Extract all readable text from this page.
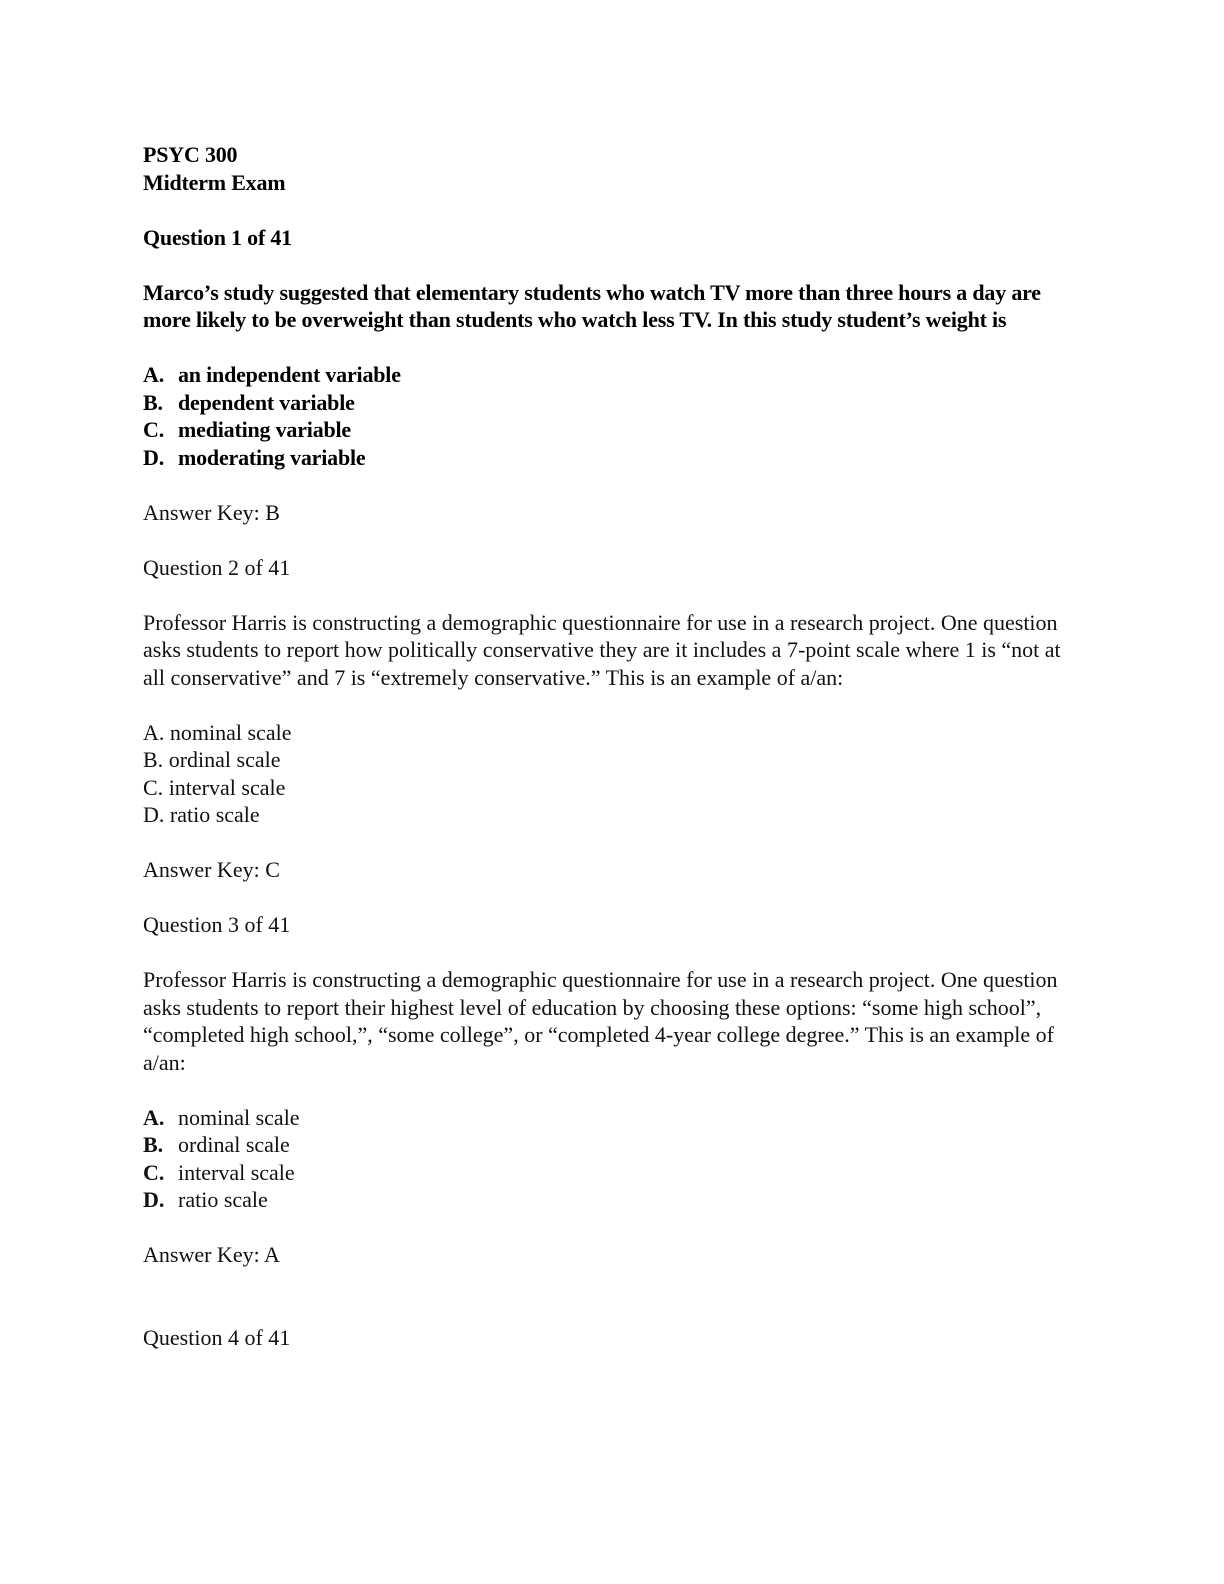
PSYC 300
Midterm Exam
Question 1 of 41
Marco’s study suggested that elementary students who watch TV more than three hours a day are more likely to be overweight than students who watch less TV. In this study student’s weight is
A. an independent variable
B. dependent variable
C. mediating variable
D. moderating variable
Answer Key: B
Question 2 of 41
Professor Harris is constructing a demographic questionnaire for use in a research project. One question asks students to report how politically conservative they are it includes a 7-point scale where 1 is “not at all conservative” and 7 is “extremely conservative.” This is an example of a/an:
A. nominal scale
B. ordinal scale
C. interval scale
D. ratio scale
Answer Key: C
Question 3 of 41
Professor Harris is constructing a demographic questionnaire for use in a research project. One question asks students to report their highest level of education by choosing these options: “some high school”, “completed high school,”, “some college”, or “completed 4-year college degree.” This is an example of a/an:
A. nominal scale
B. ordinal scale
C. interval scale
D. ratio scale
Answer Key: A
Question 4 of 41
